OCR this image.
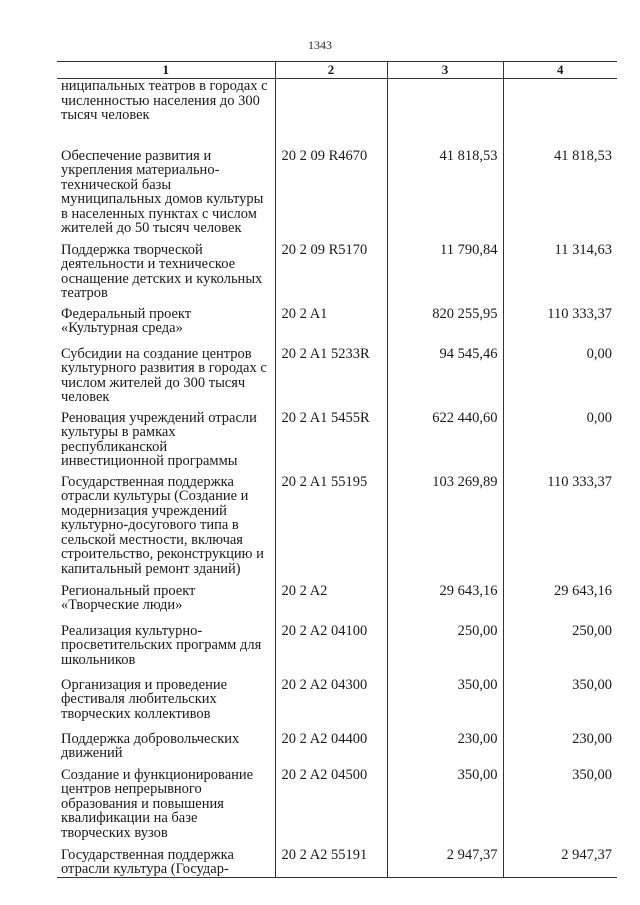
1343
1	2	3	4
ниципальных театров в городах с численностью населения до 300 тысяч человек			
Обеспечение развития и укрепления материально-технической базы муниципальных домов культуры в населенных пунктах с числом жителей до 50 тысяч человек	20 2 09 R4670	41 818,53	41 818,53
Поддержка творческой деятельности и техническое оснащение детских и кукольных театров	20 2 09 R5170	11 790,84	11 314,63
Федеральный проект «Культурная среда»	20 2 A1	820 255,95	110 333,37
Субсидии на создание центров культурного развития в городах с числом жителей до 300 тысяч человек	20 2 A1 5233R	94 545,46	0,00
Реновация учреждений отрасли культуры в рамках республиканской инвестиционной программы	20 2 A1 5455R	622 440,60	0,00
Государственная поддержка отрасли культуры (Создание и модернизация учреждений культурно-досугового типа в сельской местности, включая строительство, реконструкцию и капитальный ремонт зданий)	20 2 A1 55195	103 269,89	110 333,37
Региональный проект «Творческие люди»	20 2 A2	29 643,16	29 643,16
Реализация культурно-просветительских программ для школьников	20 2 A2 04100	250,00	250,00
Организация и проведение фестиваля любительских творческих коллективов	20 2 A2 04300	350,00	350,00
Поддержка добровольческих движений	20 2 A2 04400	230,00	230,00
Создание и функционирование центров непрерывного образования и повышения квалификации на базе творческих вузов	20 2 A2 04500	350,00	350,00
Государственная поддержка отрасли культура (Государ-	20 2 A2 55191	2 947,37	2 947,37
